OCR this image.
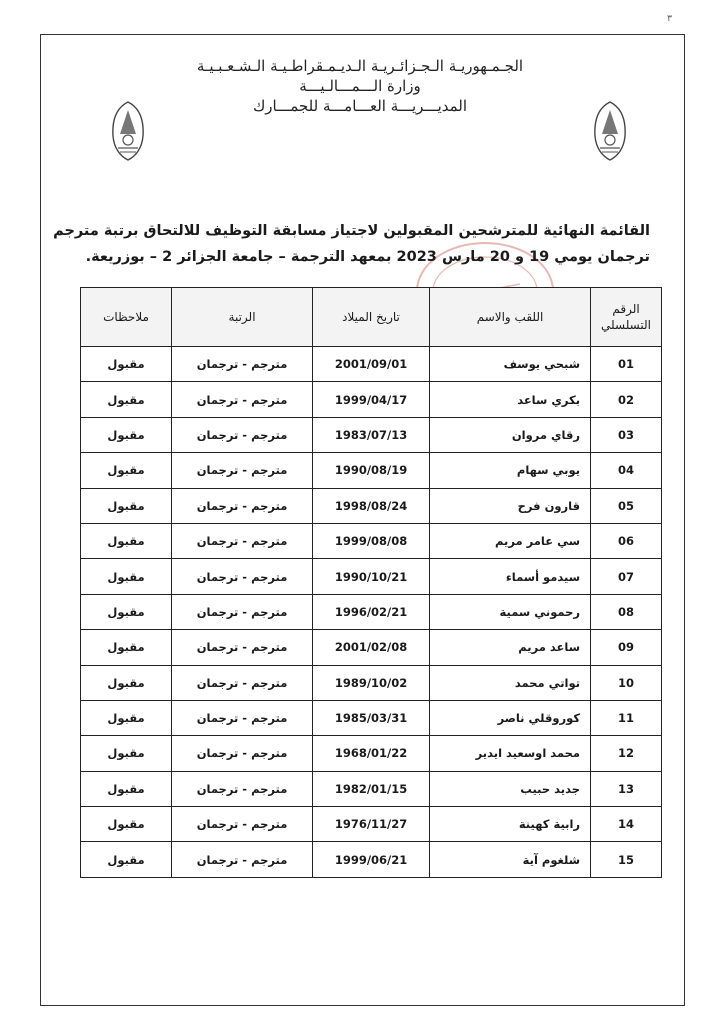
٣
الجـمـهوريـة الـجـزائـريـة الـديـمـقراطـيـة الـشـعـبـيـة
وزارة الـــمـــالـيـــة
المديـــريـــة العـــامـــة للجمـــارك
القائمة النهائية للمترشحين المقبولين لاجتياز مسابقة التوظيف للالتحاق برتبة مترجم
ترجمان يومي 19 و 20 مارس 2023 بمعهد الترجمة – جامعة الجزائر 2 – بوزريعة.
الرقم التسلسلي	اللقب والاسم	تاريخ الميلاد	الرتبة	ملاحظات
01	شبحي يوسف	2001/09/01	مترجم - ترجمان	مقبول
02	بكري ساعد	1999/04/17	مترجم - ترجمان	مقبول
03	رقاي مروان	1983/07/13	مترجم - ترجمان	مقبول
04	يوبي سهام	1990/08/19	مترجم - ترجمان	مقبول
05	قارون فرح	1998/08/24	مترجم - ترجمان	مقبول
06	سي عامر مريم	1999/08/08	مترجم - ترجمان	مقبول
07	سيدمو أسماء	1990/10/21	مترجم - ترجمان	مقبول
08	رحموني سمية	1996/02/21	مترجم - ترجمان	مقبول
09	ساعد مريم	2001/02/08	مترجم - ترجمان	مقبول
10	تواتي محمد	1989/10/02	مترجم - ترجمان	مقبول
11	كوروقلي ناصر	1985/03/31	مترجم - ترجمان	مقبول
12	محمد اوسعيد ايدير	1968/01/22	مترجم - ترجمان	مقبول
13	جديد حبيب	1982/01/15	مترجم - ترجمان	مقبول
14	رابية كهينة	1976/11/27	مترجم - ترجمان	مقبول
15	شلغوم آية	1999/06/21	مترجم - ترجمان	مقبول
